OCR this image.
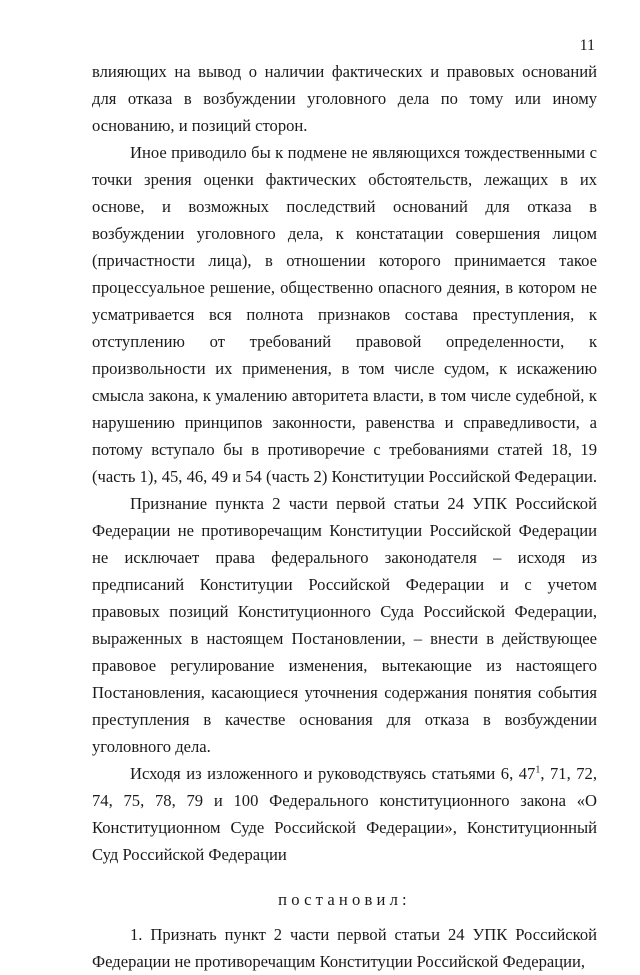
11

влияющих на вывод о наличии фактических и правовых оснований для отказа в возбуждении уголовного дела по тому или иному основанию, и позиций сторон.

Иное приводило бы к подмене не являющихся тождественными с точки зрения оценки фактических обстоятельств, лежащих в их основе, и возможных последствий оснований для отказа в возбуждении уголовного дела, к констатации совершения лицом (причастности лица), в отношении которого принимается такое процессуальное решение, общественно опасного деяния, в котором не усматривается вся полнота признаков состава преступления, к отступлению от требований правовой определенности, к произвольности их применения, в том числе судом, к искажению смысла закона, к умалению авторитета власти, в том числе судебной, к нарушению принципов законности, равенства и справедливости, а потому вступало бы в противоречие с требованиями статей 18, 19 (часть 1), 45, 46, 49 и 54 (часть 2) Конституции Российской Федерации.

Признание пункта 2 части первой статьи 24 УПК Российской Федерации не противоречащим Конституции Российской Федерации не исключает права федерального законодателя – исходя из предписаний Конституции Российской Федерации и с учетом правовых позиций Конституционного Суда Российской Федерации, выраженных в настоящем Постановлении, – внести в действующее правовое регулирование изменения, вытекающие из настоящего Постановления, касающиеся уточнения содержания понятия события преступления в качестве основания для отказа в возбуждении уголовного дела.

Исходя из изложенного и руководствуясь статьями 6, $47^1$, 71, 72, 74, 75, 78, 79 и 100 Федерального конституционного закона «О Конституционном Суде Российской Федерации», Конституционный Суд Российской Федерации

постановил:

1. Признать пункт 2 части первой статьи 24 УПК Российской Федерации не противоречащим Конституции Российской Федерации,
